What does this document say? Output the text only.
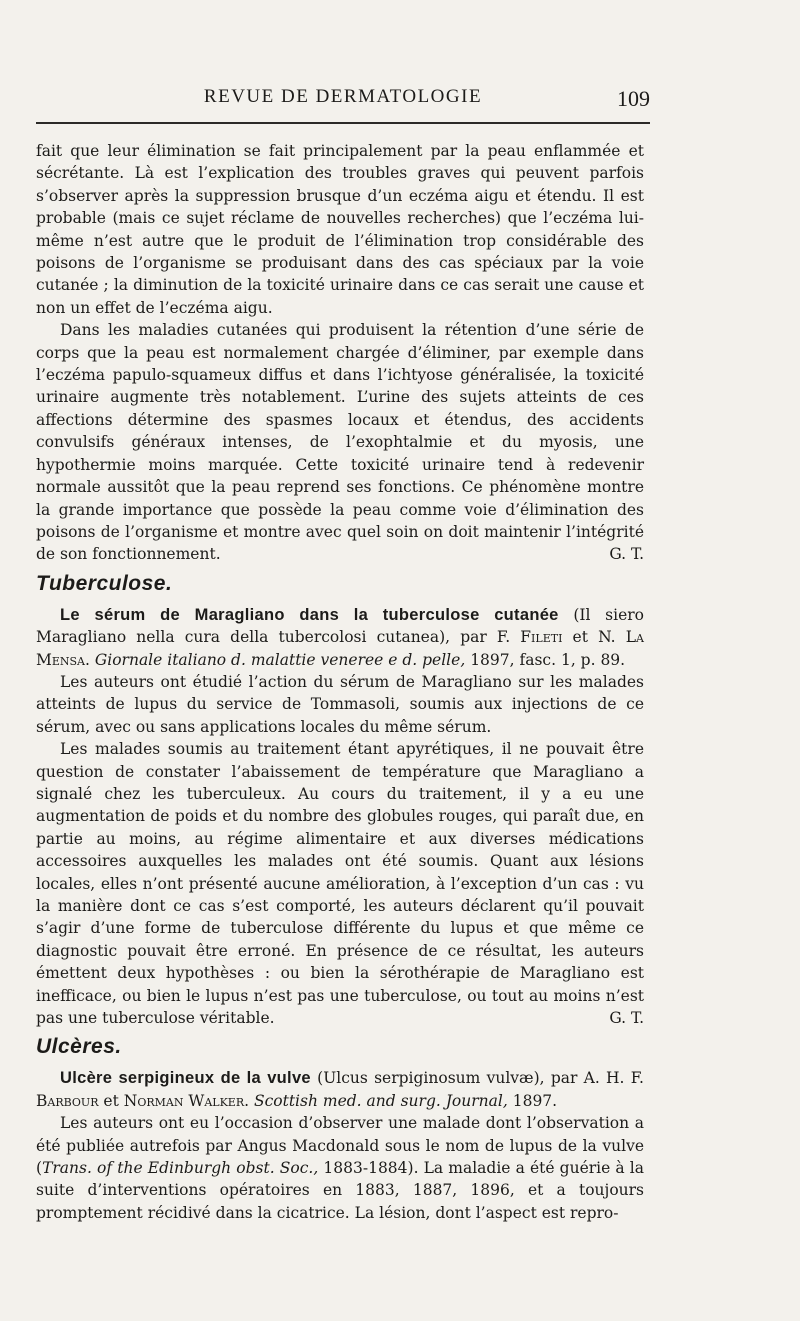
REVUE DE DERMATOLOGIE	109

fait que leur élimination se fait principalement par la peau enflammée et sécrétante. Là est l’explication des troubles graves qui peuvent parfois s’observer après la suppression brusque d’un eczéma aigu et étendu. Il est probable (mais ce sujet réclame de nouvelles recherches) que l’eczéma lui-même n’est autre que le produit de l’élimination trop considérable des poisons de l’organisme se produisant dans des cas spéciaux par la voie cutanée ; la diminution de la toxicité urinaire dans ce cas serait une cause et non un effet de l’eczéma aigu.

Dans les maladies cutanées qui produisent la rétention d’une série de corps que la peau est normalement chargée d’éliminer, par exemple dans l’eczéma papulo-squameux diffus et dans l’ichtyose généralisée, la toxicité urinaire augmente très notablement. L’urine des sujets atteints de ces affections détermine des spasmes locaux et étendus, des accidents convulsifs généraux intenses, de l’exophtalmie et du myosis, une hypothermie moins marquée. Cette toxicité urinaire tend à redevenir normale aussitôt que la peau reprend ses fonctions. Ce phénomène montre la grande importance que possède la peau comme voie d’élimination des poisons de l’organisme et montre avec quel soin on doit maintenir l’intégrité de son fonctionnement.	G. T.

Tuberculose.

Le sérum de Maragliano dans la tuberculose cutanée (Il siero Maragliano nella cura della tubercolosi cutanea), par F. Fileti et N. La Mensa. Giornale italiano d. malattie veneree e d. pelle, 1897, fasc. 1, p. 89.

Les auteurs ont étudié l’action du sérum de Maragliano sur les malades atteints de lupus du service de Tommasoli, soumis aux injections de ce sérum, avec ou sans applications locales du même sérum.

Les malades soumis au traitement étant apyrétiques, il ne pouvait être question de constater l’abaissement de température que Maragliano a signalé chez les tuberculeux. Au cours du traitement, il y a eu une augmentation de poids et du nombre des globules rouges, qui paraît due, en partie au moins, au régime alimentaire et aux diverses médications accessoires auxquelles les malades ont été soumis. Quant aux lésions locales, elles n’ont présenté aucune amélioration, à l’exception d’un cas : vu la manière dont ce cas s’est comporté, les auteurs déclarent qu’il pouvait s’agir d’une forme de tuberculose différente du lupus et que même ce diagnostic pouvait être erroné. En présence de ce résultat, les auteurs émettent deux hypothèses : ou bien la sérothérapie de Maragliano est inefficace, ou bien le lupus n’est pas une tuberculose, ou tout au moins n’est pas une tuberculose véritable.	G. T.

Ulcères.

Ulcère serpigineux de la vulve (Ulcus serpiginosum vulvæ), par A. H. F. Barbour et Norman Walker. Scottish med. and surg. Journal, 1897.

Les auteurs ont eu l’occasion d’observer une malade dont l’observation a été publiée autrefois par Angus Macdonald sous le nom de lupus de la vulve (Trans. of the Edinburgh obst. Soc., 1883-1884). La maladie a été guérie à la suite d’interventions opératoires en 1883, 1887, 1896, et a toujours promptement récidivé dans la cicatrice. La lésion, dont l’aspect est repro-
